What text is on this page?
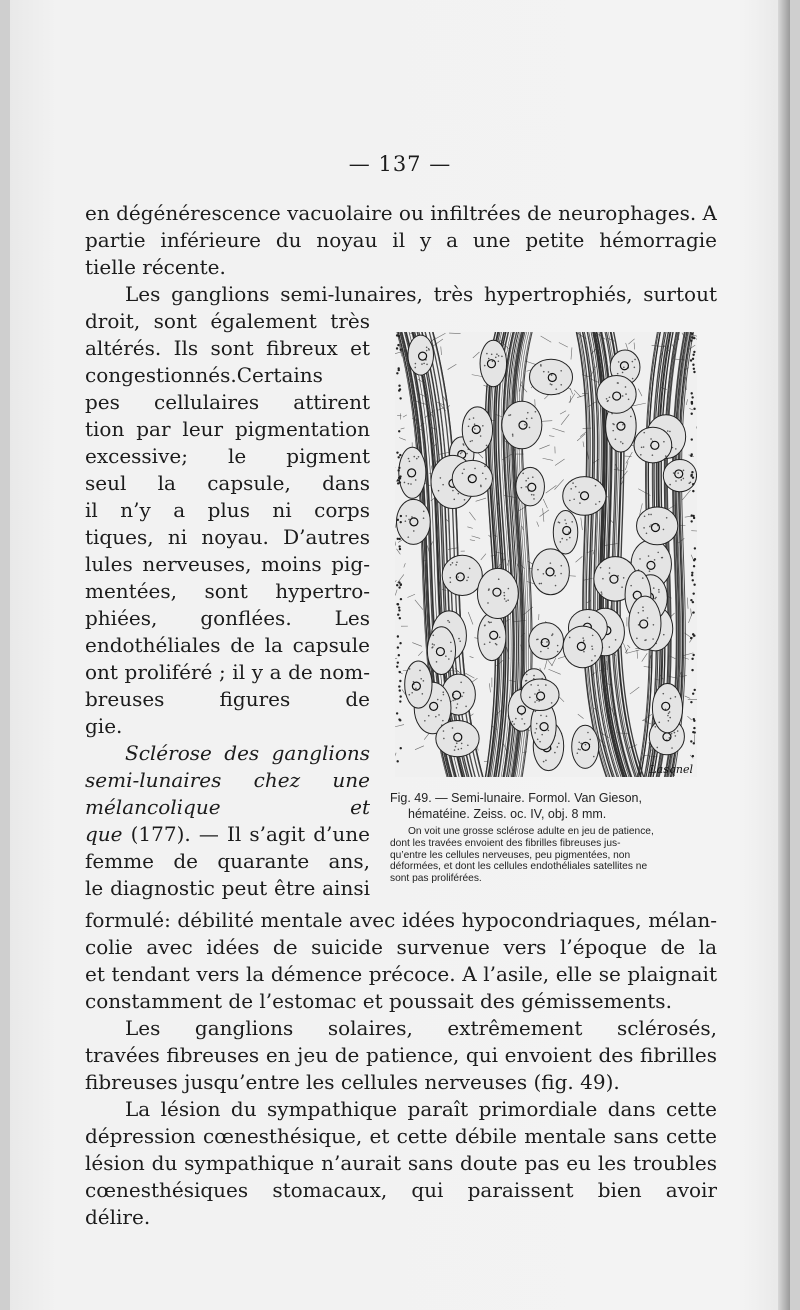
— 137 —
en dégénérescence vacuolaire ou infiltrées de neurophages. A
partie inférieure du noyau il y a une petite hémorragie
tielle récente.
Les ganglions semi-lunaires, très hypertrophiés, surtout
droit, sont également très
altérés. Ils sont fibreux et
congestionnés.Certains
pes cellulaires attirent
tion par leur pigmentation
excessive; le pigment
seul la capsule, dans
il n’y a plus ni corps
tiques, ni noyau. D’autres
lules nerveuses, moins pig-
mentées, sont hypertro-
phiées, gonflées. Les
endothéliales de la capsule
ont proliféré ; il y a de nom-
breuses figures de
gie.
Sclérose des ganglions
semi-lunaires chez une
mélancolique et
que (177). — Il s’agit d’une
femme de quarante ans,
le diagnostic peut être ainsi
Lasqnel
Fig. 49. — Semi-lunaire. Formol. Van Gieson,
hématéine. Zeiss. oc. IV, obj. 8 mm.
On voit une grosse sclérose adulte en jeu de patience,
dont les travées envoient des fibrilles fibreuses jus-
qu’entre les cellules nerveuses, peu pigmentées, non
déformées, et dont les cellules endothéliales satellites ne
sont pas proliférées.
formulé: débilité mentale avec idées hypocondriaques, mélan-
colie avec idées de suicide survenue vers l’époque de la
et tendant vers la démence précoce. A l’asile, elle se plaignait
constamment de l’estomac et poussait des gémissements.
Les ganglions solaires, extrêmement sclérosés,
travées fibreuses en jeu de patience, qui envoient des fibrilles
fibreuses jusqu’entre les cellules nerveuses (fig. 49).
La lésion du sympathique paraît primordiale dans cette
dépression cœnesthésique, et cette débile mentale sans cette
lésion du sympathique n’aurait sans doute pas eu les troubles
cœnesthésiques stomacaux, qui paraissent bien avoir
délire.
